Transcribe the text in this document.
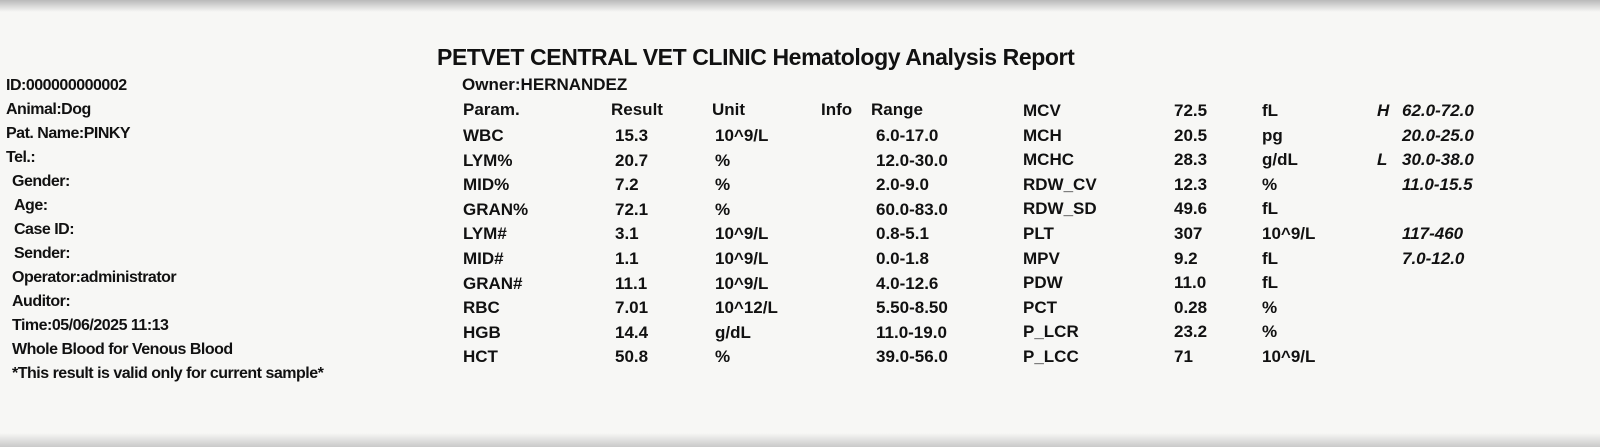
PETVET CENTRAL VET CLINIC Hematology Analysis Report
Owner:HERNANDEZ
ID:000000000002
Animal:Dog
Pat. Name:PINKY
Tel.:
Gender:
Age:
Case ID:
Sender:
Operator:administrator
Auditor:
Time:05/06/2025 11:13
Whole Blood for Venous Blood
*This result is valid only for current sample*
Param.	Result	Unit	Info Range
WBC	15.3	10^9/L	6.0-17.0
LYM%	20.7	%	12.0-30.0
MID%	7.2	%	2.0-9.0
GRAN%	72.1	%	60.0-83.0
LYM#	3.1	10^9/L	0.8-5.1
MID#	1.1	10^9/L	0.0-1.8
GRAN#	11.1	10^9/L	4.0-12.6
RBC	7.01	10^12/L	5.50-8.50
HGB	14.4	g/dL	11.0-19.0
HCT	50.8	%	39.0-56.0
MCV	72.5	fL	H 62.0-72.0
MCH	20.5	pg	20.0-25.0
MCHC	28.3	g/dL	L 30.0-38.0
RDW_CV	12.3	%	11.0-15.5
RDW_SD	49.6	fL
PLT	307	10^9/L	117-460
MPV	9.2	fL	7.0-12.0
PDW	11.0	fL
PCT	0.28	%
P_LCR	23.2	%
P_LCC	71	10^9/L
